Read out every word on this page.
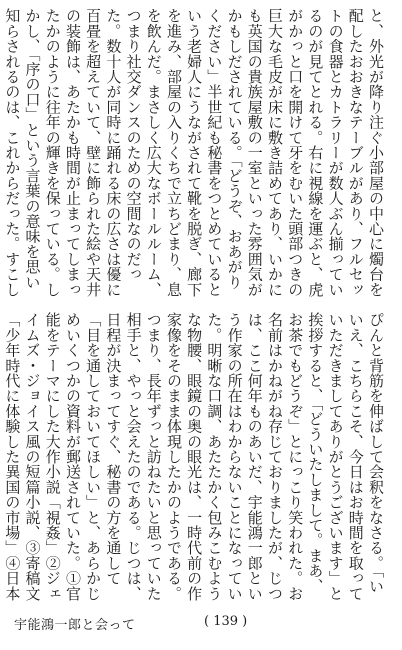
と、外光が降り注ぐ小部屋の中心に燭台を配したおおきなテーブルがあり、フルセットの食器とカトラリーが数人ぶん揃っているのが見てとれる。右に視線を運ぶと、虎がかっと口を開けて牙をむいた頭部つきの巨大な毛皮が床に敷き詰めてあり、いかにも英国の貴族屋敷の一室といった雰囲気がかもしだされている。「どうぞ、おあがりください」半世紀も秘書をつとめているという老婦人にうながされて靴を脱ぎ、廊下を進み、部屋の入りくちで立ちどまり、息を飲んだ。まさしく広大なボールルーム、つまり社交ダンスのための空間なのだった。数十人が同時に踊れる床の広さは優に百畳を超えていて、壁に飾られた絵や天井の装飾は、あたかも時間が止まってしまったかのように往年の輝きを保っている。しかし、「序の口」という言葉の意味を思い知らされるのは、これからだった。すこし
ぴんと背筋を伸ばして会釈をなさる。「いいえ、こちらこそ、今日はお時間を取っていただきましてありがとうございます」と挨拶すると、「どういたしまして。まあ、お茶でもどうぞ」とにっこり笑われた。お名前はかねがね存じておりましたが、じつは、ここ何年ものあいだ、宇能鴻一郎という作家の所在はわからないことになっていた。明晰な口調、あたたかく包みこむような物腰、眼鏡の奥の眼光は、一時代前の作家像をそのまま体現したかのようである。つまり、長年ずっと訪ねたいと思っていた相手と、やっと会えたのである。じつは、日程が決まってすぐ、秘書の方を通して「目を通しておいてほしい」と、あらかじめいくつかの資料が郵送されていた。①官能をテーマにした大作小説「視姦」②ジェイムズ・ジョイス風の短篇小説、③寄稿文「少年時代に体験した異国の市場」④日本
宇能鴻一郎と会って
(	139 )
